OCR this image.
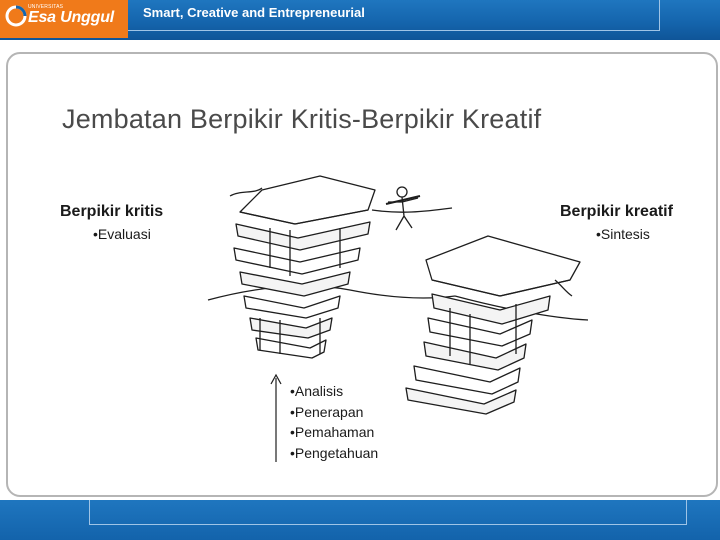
UNIVERSITAS
Esa Unggul Smart, Creative and Entrepreneurial
Jembatan Berpikir Kritis-Berpikir Kreatif
Berpikir kritis
•Evaluasi
Berpikir kreatif
•Sintesis
•Analisis
•Penerapan
•Pemahaman
•Pengetahuan
